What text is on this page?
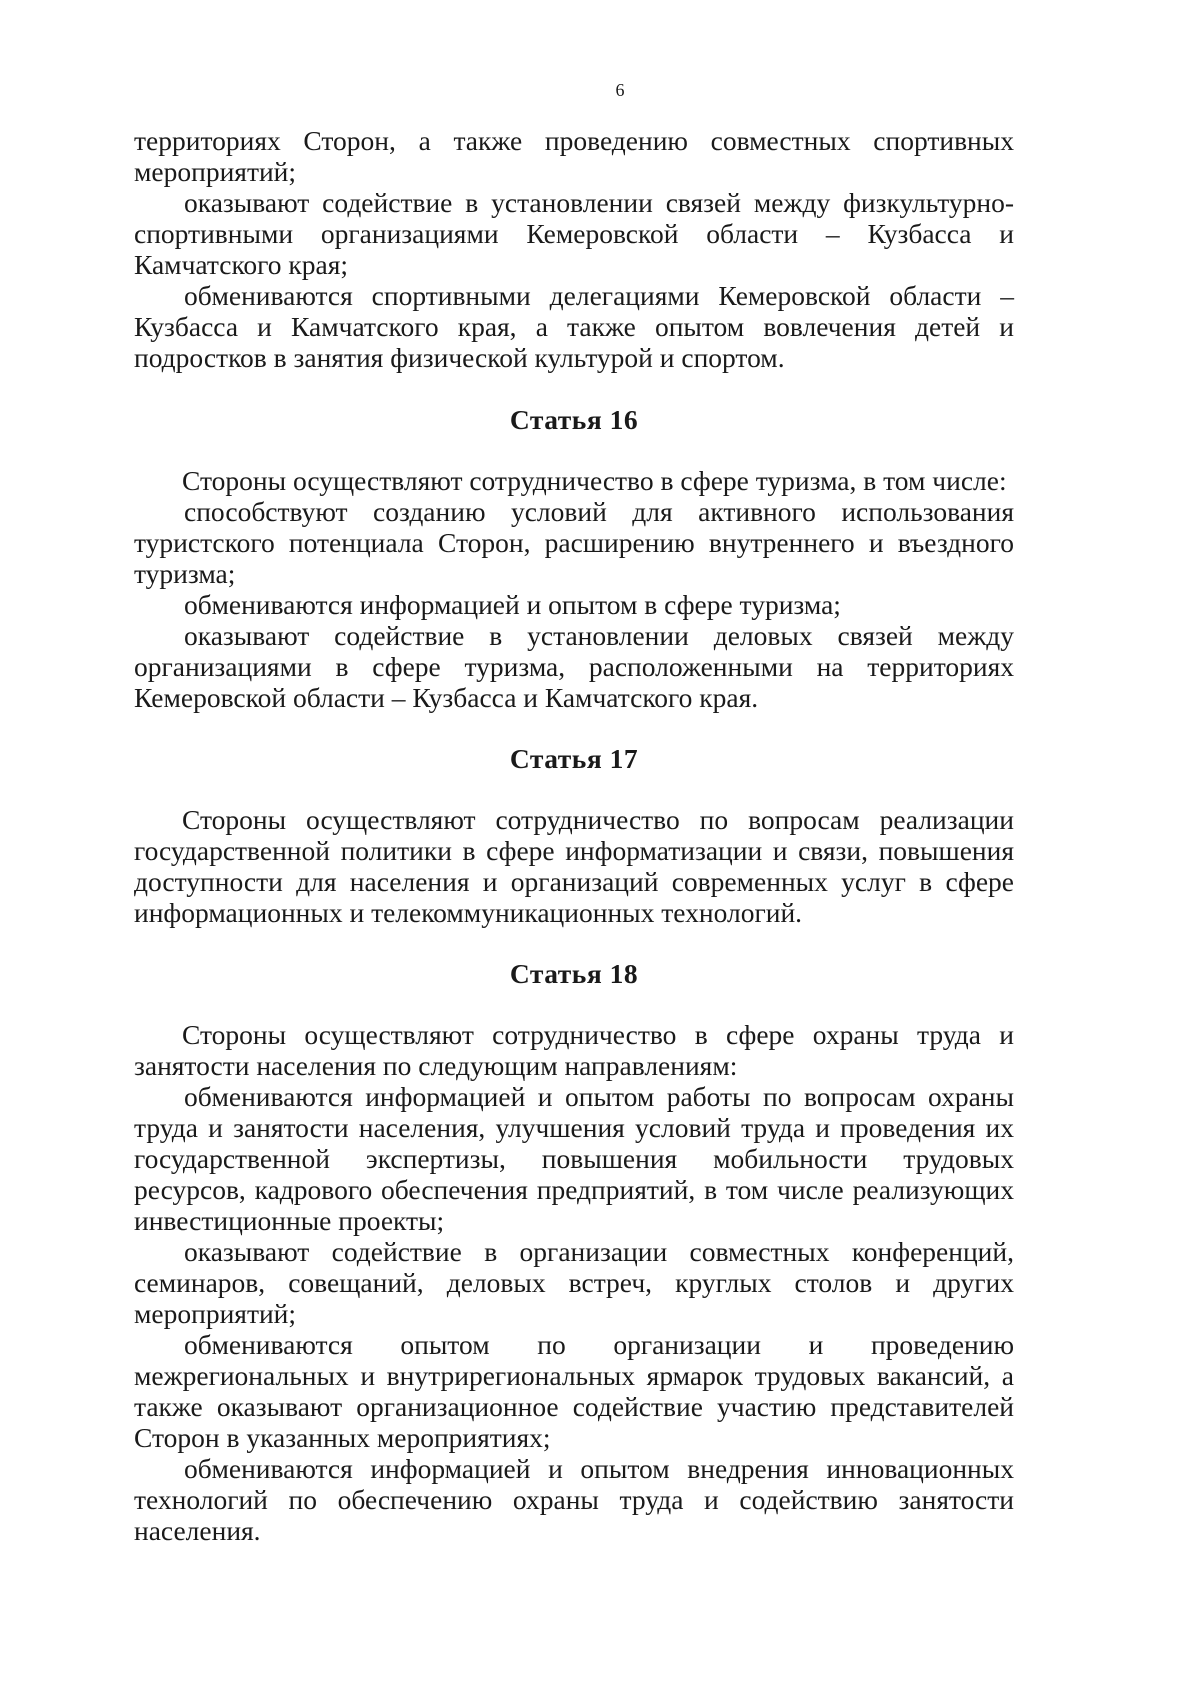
6

территориях Сторон, а также проведению совместных спортивных мероприятий;

оказывают содействие в установлении связей между физкультурно-спортивными организациями Кемеровской области – Кузбасса и Камчатского края;

обмениваются спортивными делегациями Кемеровской области – Кузбасса и Камчатского края, а также опытом вовлечения детей и подростков в занятия физической культурой и спортом.

Статья 16

Стороны осуществляют сотрудничество в сфере туризма, в том числе:

способствуют созданию условий для активного использования туристского потенциала Сторон, расширению внутреннего и въездного туризма;

обмениваются информацией и опытом в сфере туризма;

оказывают содействие в установлении деловых связей между организациями в сфере туризма, расположенными на территориях Кемеровской области – Кузбасса и Камчатского края.

Статья 17

Стороны осуществляют сотрудничество по вопросам реализации государственной политики в сфере информатизации и связи, повышения доступности для населения и организаций современных услуг в сфере информационных и телекоммуникационных технологий.

Статья 18

Стороны осуществляют сотрудничество в сфере охраны труда и занятости населения по следующим направлениям:

обмениваются информацией и опытом работы по вопросам охраны труда и занятости населения, улучшения условий труда и проведения их государственной экспертизы, повышения мобильности трудовых ресурсов, кадрового обеспечения предприятий, в том числе реализующих инвестиционные проекты;

оказывают содействие в организации совместных конференций, семинаров, совещаний, деловых встреч, круглых столов и других мероприятий;

обмениваются опытом по организации и проведению межрегиональных и внутрирегиональных ярмарок трудовых вакансий, а также оказывают организационное содействие участию представителей Сторон в указанных мероприятиях;

обмениваются информацией и опытом внедрения инновационных технологий по обеспечению охраны труда и содействию занятости населения.
